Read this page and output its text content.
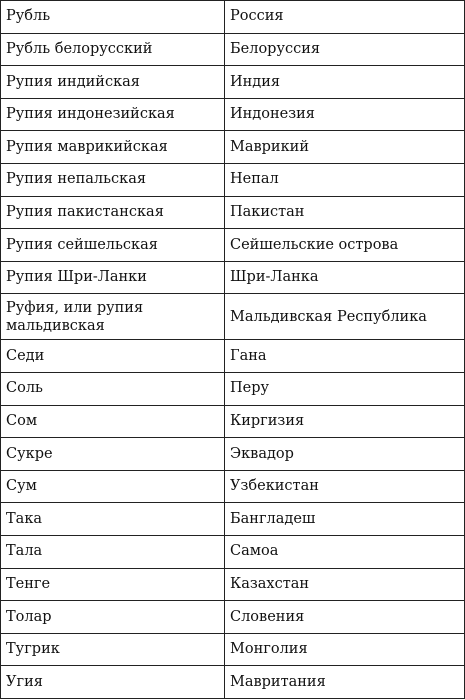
Рубль	Россия
Рубль белорусский	Белоруссия
Рупия индийская	Индия
Рупия индонезийская	Индонезия
Рупия маврикийская	Маврикий
Рупия непальская	Непал
Рупия пакистанская	Пакистан
Рупия сейшельская	Сейшельские острова
Рупия Шри-Ланки	Шри-Ланка
Руфия, или рупия мальдивская	Мальдивская Республика
Седи	Гана
Соль	Перу
Сом	Киргизия
Сукре	Эквадор
Сум	Узбекистан
Така	Бангладеш
Тала	Самоа
Тенге	Казахстан
Толар	Словения
Тугрик	Монголия
Угия	Мавритания
